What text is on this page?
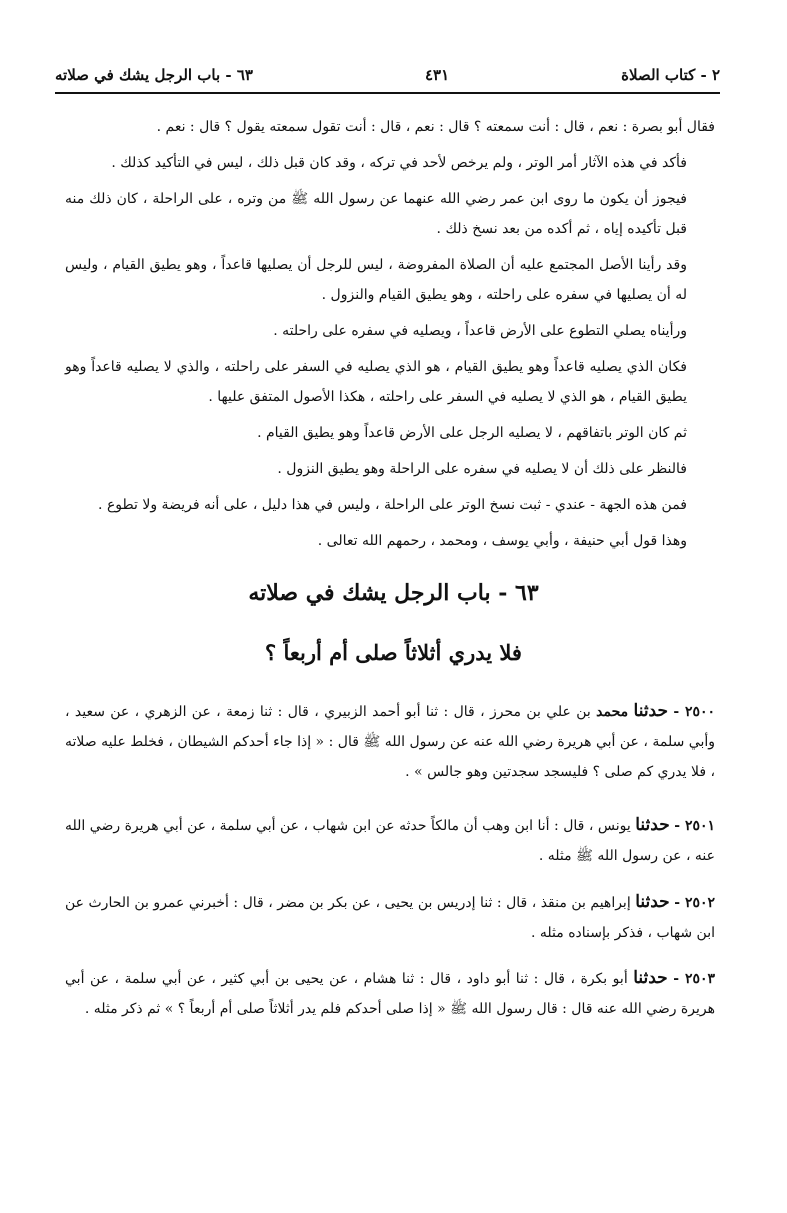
٢ - كتاب الصلاة
٤٣١
٦٣ - باب الرجل يشك في صلاته

فقال أبو بصرة : نعم ، قال : أنت سمعته ؟ قال : نعم ، قال : أنت تقول سمعته يقول ؟ قال : نعم .

فأكد في هذه الآثار أمر الوتر ، ولم يرخص لأحد في تركه ، وقد كان قبل ذلك ، ليس في التأكيد كذلك .

فيجوز أن يكون ما روى ابن عمر رضي الله عنهما عن رسول الله ﷺ من وتره ، على الراحلة ، كان ذلك منه قبل تأكيده إياه ، ثم أكده من بعد نسخ ذلك .

وقد رأينا الأصل المجتمع عليه أن الصلاة المفروضة ، ليس للرجل أن يصليها قاعداً ، وهو يطيق القيام ، وليس له أن يصليها في سفره على راحلته ، وهو يطيق القيام والنزول .

ورأيناه يصلي التطوع على الأرض قاعداً ، ويصليه في سفره على راحلته .

فكان الذي يصليه قاعداً وهو يطيق القيام ، هو الذي يصليه في السفر على راحلته ، والذي لا يصليه قاعداً وهو يطيق القيام ، هو الذي لا يصليه في السفر على راحلته ، هكذا الأصول المتفق عليها .

ثم كان الوتر باتفاقهم ، لا يصليه الرجل على الأرض قاعداً وهو يطيق القيام .

فالنظر على ذلك أن لا يصليه في سفره على الراحلة وهو يطيق النزول .

فمن هذه الجهة - عندي - ثبت نسخ الوتر على الراحلة ، وليس في هذا دليل ، على أنه فريضة ولا تطوع .

وهذا قول أبي حنيفة ، وأبي يوسف ، ومحمد ، رحمهم الله تعالى .

٦٣ - باب الرجل يشك في صلاته
فلا يدري أثلاثاً صلى أم أربعاً ؟

٢٥٠٠ - حدثنا محمد بن علي بن محرز ، قال : ثنا أبو أحمد الزبيري ، قال : ثنا زمعة ، عن الزهري ، عن سعيد ، وأبي سلمة ، عن أبي هريرة رضي الله عنه عن رسول الله ﷺ قال : « إذا جاء أحدكم الشيطان ، فخلط عليه صلاته ، فلا يدري كم صلى ؟ فليسجد سجدتين وهو جالس » .

٢٥٠١ - حدثنا يونس ، قال : أنا ابن وهب أن مالكاً حدثه عن ابن شهاب ، عن أبي سلمة ، عن أبي هريرة رضي الله عنه ، عن رسول الله ﷺ مثله .

٢٥٠٢ - حدثنا إبراهيم بن منقذ ، قال : ثنا إدريس بن يحيى ، عن بكر بن مضر ، قال : أخبرني عمرو بن الحارث عن ابن شهاب ، فذكر بإسناده مثله .

٢٥٠٣ - حدثنا أبو بكرة ، قال : ثنا أبو داود ، قال : ثنا هشام ، عن يحيى بن أبي كثير ، عن أبي سلمة ، عن أبي هريرة رضي الله عنه قال : قال رسول الله ﷺ « إذا صلى أحدكم فلم يدر أثلاثاً صلى أم أربعاً ؟ » ثم ذكر مثله .
